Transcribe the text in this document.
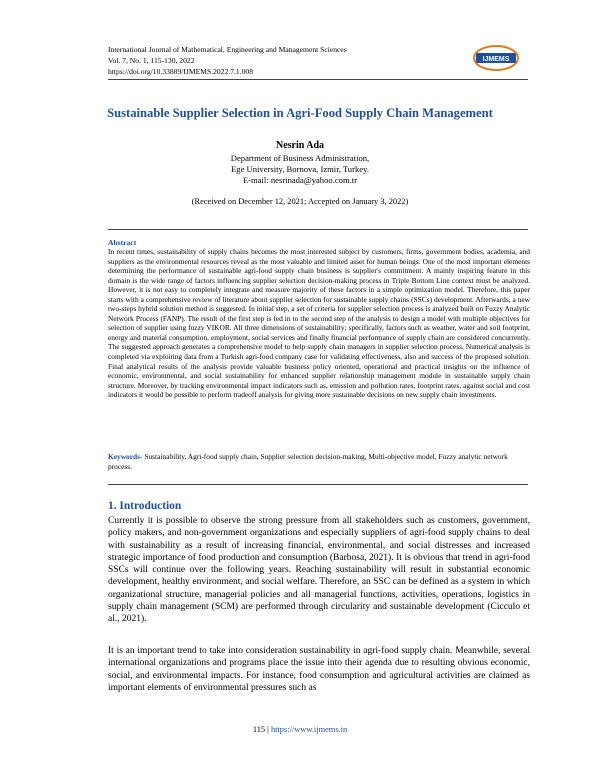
International Journal of Mathematical, Engineering and Management Sciences
Vol. 7, No. 1, 115-130, 2022
https://doi.org/10.33889/IJMEMS.2022.7.1.008
IJMEMS
Sustainable Supplier Selection in Agri-Food Supply Chain Management
Nesrin Ada
Department of Business Administration,
Ege University, Bornova, Izmir, Turkey.
E-mail: nesrinada@yahoo.com.tr
(Received on December 12, 2021; Accepted on January 3, 2022)
Abstract
In recent times, sustainability of supply chains becomes the most interested subject by customers, firms, government bodies, academia, and suppliers as the environmental resources reveal as the most valuable and limited asset for human beings. One of the most important elements determining the performance of sustainable agri-food supply chain business is supplier's commitment. A mainly inspiring feature in this domain is the wide range of factors influencing supplier selection decision-making process in Triple Bottom Line context must be analyzed. However, it is not easy to completely integrate and measure majority of these factors in a simple optimization model. Therefore, this paper starts with a comprehensive review of literature about supplier selection for sustainable supply chains (SSCs) development. Afterwards, a new two-steps hybrid solution method is suggested. In initial step, a set of criteria for supplier selection process is analyzed built on Fuzzy Analytic Network Process (FANP). The result of the first step is fed in to the second step of the analysis to design a model with multiple objectives for selection of supplier using fuzzy VIKOR. All three dimensions of sustainability; specifically, factors such as weather, water and soil footprint, energy and material consumption, employment, social services and finally financial performance of supply chain are considered concurrently. The suggested approach generates a comprehensive model to help supply chain managers in supplier selection process. Numerical analysis is completed via exploiting data from a Turkish agri-food company case for validating effectiveness, also and success of the proposed solution. Final analytical results of the analysis provide valuable business policy oriented, operational and practical insights on the influence of economic, environmental, and social sustainability for enhanced supplier relationship management module in sustainable supply chain structure. Moreover, by tracking environmental impact indicators such as, emission and pollution rates, footprint rates, against social and cost indicators it would be possible to perform tradeoff analysis for giving more sustainable decisions on new supply chain investments.
Keywords- Sustainability, Agri-food supply chain, Supplier selection decision-making, Multi-objective model, Fuzzy analytic network process.
1. Introduction
Currently it is possible to observe the strong pressure from all stakeholders such as customers, government, policy makers, and non-government organizations and especially suppliers of agri-food supply chains to deal with sustainability as a result of increasing financial, environmental, and social distresses and increased strategic importance of food production and consumption (Barbosa, 2021). It is obvious that trend in agri-food SSCs will continue over the following years. Reaching sustainability will result in substantial economic development, healthy environment, and social welfare. Therefore, an SSC can be defined as a system in which organizational structure, managerial policies and all managerial functions, activities, operations, logistics in supply chain management (SCM) are performed through circularity and sustainable development (Cicculo et al., 2021).
It is an important trend to take into consideration sustainability in agri-food supply chain. Meanwhile, several international organizations and programs place the issue into their agenda due to resulting obvious economic, social, and environmental impacts. For instance, food consumption and agricultural activities are claimed as important elements of environmental pressures such as
115 | https://www.ijmems.in
